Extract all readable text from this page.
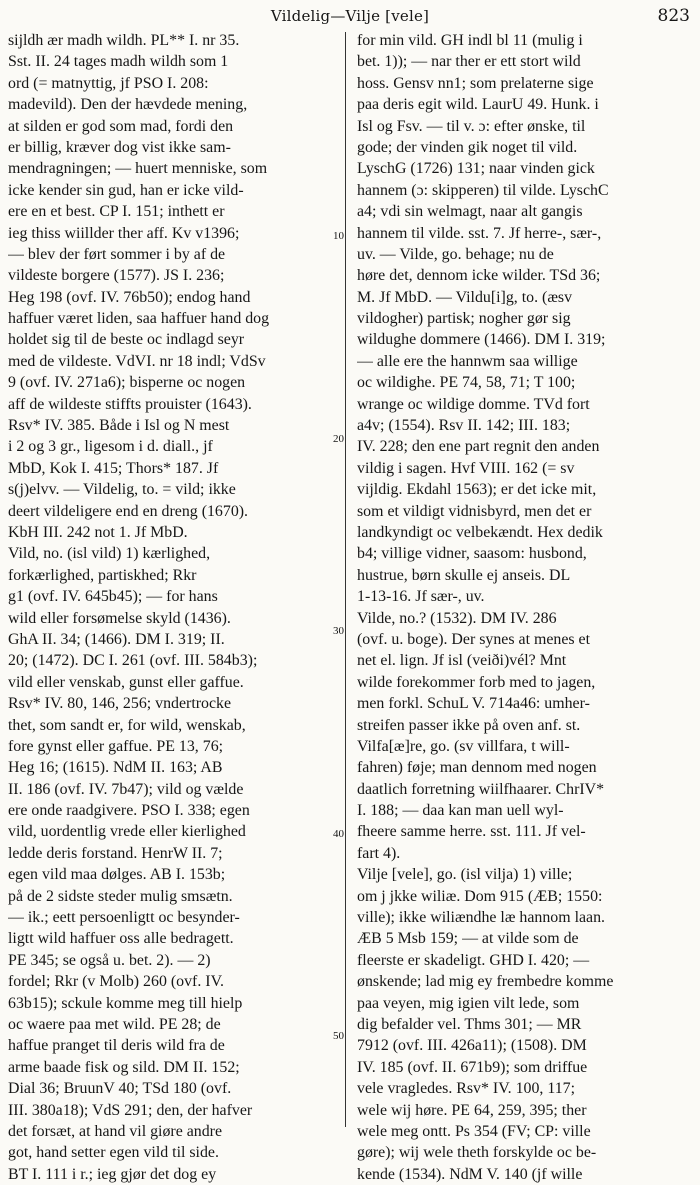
Vildelig—Vilje [vele]	823
sijldh ær madh wildh. PL** I. nr 35.
Sst. II. 24 tages madh wildh som 1
ord (= matnyttig, jf PSO I. 208:
madevild). Den der hævdede mening,
at silden er god som mad, fordi den
er billig, kræver dog vist ikke sam-
mendragningen; — huert menniske, som
icke kender sin gud, han er icke vild-
ere en et best. CP I. 151; inthett er
ieg thiss wiillder ther aff. Kv v1396;
— blev der ført sommer i by af de
vildeste borgere (1577). JS I. 236;
Heg 198 (ovf. IV. 76b50); endog hand
haffuer været liden, saa haffuer hand dog
holdet sig til de beste oc indlagd seyr
med de vildeste. VdVI. nr 18 indl; VdSv
9 (ovf. IV. 271a6); bisperne oc nogen
aff de wildeste stiffts prouister (1643).
Rsv* IV. 385. Både i Isl og N mest
i 2 og 3 gr., ligesom i d. diall., jf
MbD, Kok I. 415; Thors* 187. Jf
s(j)elvv. — Vildelig, to. = vild; ikke
deert vildeligere end en dreng (1670).
KbH III. 242 not 1. Jf MbD.
Vild, no. (isl vild) 1) kærlighed,
forkærlighed, partiskhed; Rkr
g1 (ovf. IV. 645b45); — for hans
wild eller forsømelse skyld (1436).
GhA II. 34; (1466). DM I. 319; II.
20; (1472). DC I. 261 (ovf. III. 584b3);
vild eller venskab, gunst eller gaffue.
Rsv* IV. 80, 146, 256; vndertrocke
thet, som sandt er, for wild, wenskab,
fore gynst eller gaffue. PE 13, 76;
Heg 16; (1615). NdM II. 163; AB
II. 186 (ovf. IV. 7b47); vild og vælde
ere onde raadgivere. PSO I. 338; egen
vild, uordentlig vrede eller kierlighed
ledde deris forstand. HenrW II. 7;
egen vild maa dølges. AB I. 153b;
på de 2 sidste steder mulig smsætn.
— ik.; eett persoenligtt oc besynder-
ligtt wild haffuer oss alle bedragett.
PE 345; se også u. bet. 2). — 2)
fordel; Rkr (v Molb) 260 (ovf. IV.
63b15); sckule komme meg till hielp
oc waere paa met wild. PE 28; de
haffue pranget til deris wild fra de
arme baade fisk og sild. DM II. 152;
Dial 36; BruunV 40; TSd 180 (ovf.
III. 380a18); VdS 291; den, der hafver
det forsæt, at hand vil giøre andre
got, hand setter egen vild til side.
BT I. 111 i r.; ieg gjør det dog ey
for min vild. GH indl bl 11 (mulig i
bet. 1)); — nar ther er ett stort wild
hoss. Gensv nn1; som prelaterne sige
paa deris egit wild. LaurU 49. Hunk. i
Isl og Fsv. — til v. ɔ: efter ønske, til
gode; der vinden gik noget til vild.
LyschG (1726) 131; naar vinden gick
hannem (ɔ: skipperen) til vilde. LyschC
a4; vdi sin welmagt, naar alt gangis
hannem til vilde. sst. 7. Jf herre-, sær-,
uv. — Vilde, go. behage; nu de
høre det, dennom icke wilder. TSd 36;
M. Jf MbD. — Vildu[i]g, to. (æsv
vildogher) partisk; nogher gør sig
wildughe dommere (1466). DM I. 319;
— alle ere the hannwm saa willige
oc wildighe. PE 74, 58, 71; T 100;
wrange oc wildige domme. TVd fort
a4v; (1554). Rsv II. 142; III. 183;
IV. 228; den ene part regnit den anden
vildig i sagen. Hvf VIII. 162 (= sv
vijldig. Ekdahl 1563); er det icke mit,
som et vildigt vidnisbyrd, men det er
landkyndigt oc velbekændt. Hex dedik
b4; villige vidner, saasom: husbond,
hustrue, børn skulle ej anseis. DL
1-13-16. Jf sær-, uv.
Vilde, no.? (1532). DM IV. 286
(ovf. u. boge). Der synes at menes et
net el. lign. Jf isl (veiði)vél? Mnt
wilde forekommer forb med to jagen,
men forkl. SchuL V. 714a46: umher-
streifen passer ikke på oven anf. st.
Vilfa[æ]re, go. (sv villfara, t will-
fahren) føje; man dennom med nogen
daatlich forretning wiilfhaarer. ChrIV*
I. 188; — daa kan man uell wyl-
fheere samme herre. sst. 111. Jf vel-
fart 4).
Vilje [vele], go. (isl vilja) 1) ville;
om j jkke wiliæ. Dom 915 (ÆB; 1550:
ville); ikke wiliændhe læ hannom laan.
ÆB 5 Msb 159; — at vilde som de
fleerste er skadeligt. GHD I. 420; —
ønskende; lad mig ey frembedre komme
paa veyen, mig igien vilt lede, som
dig befalder vel. Thms 301; — MR
7912 (ovf. III. 426a11); (1508). DM
IV. 185 (ovf. II. 671b9); som driffue
vele vragledes. Rsv* IV. 100, 117;
wele wij høre. PE 64, 259, 395; ther
wele meg ontt. Ps 354 (FV; CP: ville
gøre); wij wele theth forskylde oc be-
kende (1534). NdM V. 140 (jf wille
10
20
30
40
50
